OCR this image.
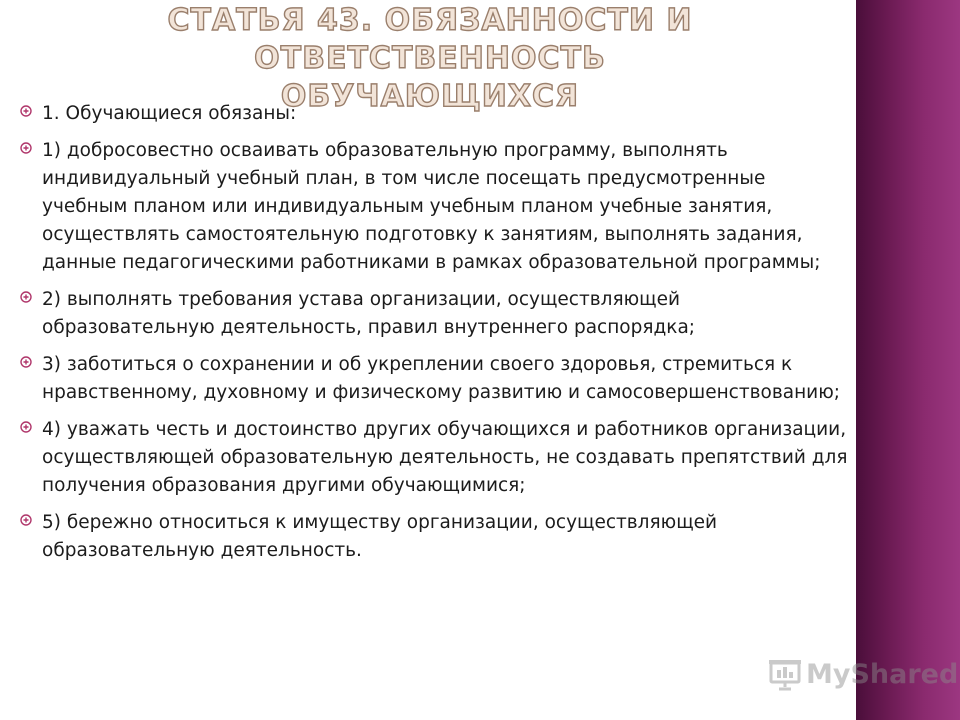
СТАТЬЯ 43. ОБЯЗАННОСТИ И ОТВЕТСТВЕННОСТЬ
ОБУЧАЮЩИХСЯ
1. Обучающиеся обязаны:
1) добросовестно осваивать образовательную программу, выполнять индивидуальный учебный план, в том числе посещать предусмотренные учебным планом или индивидуальным учебным планом учебные занятия, осуществлять самостоятельную подготовку к занятиям, выполнять задания, данные педагогическими работниками в рамках образовательной программы;
2) выполнять требования устава организации, осуществляющей образовательную деятельность, правил внутреннего распорядка;
3) заботиться о сохранении и об укреплении своего здоровья, стремиться к нравственному, духовному и физическому развитию и самосовершенствованию;
4) уважать честь и достоинство других обучающихся и работников организации, осуществляющей образовательную деятельность, не создавать препятствий для получения образования другими обучающимися;
5) бережно относиться к имуществу организации, осуществляющей образовательную деятельность.
MyShared
